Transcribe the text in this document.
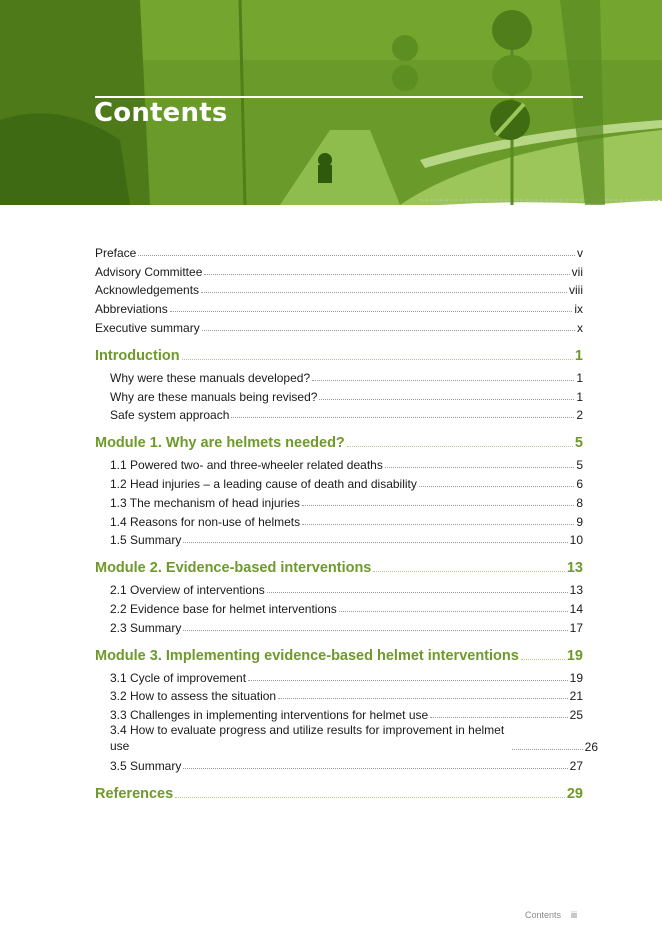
Contents
Preface	v
Advisory Committee	vii
Acknowledgements	viii
Abbreviations	ix
Executive summary	x
Introduction	1
Why were these manuals developed?	1
Why are these manuals being revised?	1
Safe system approach	2
Module 1. Why are helmets needed?	5
1.1 Powered two- and three-wheeler related deaths	5
1.2 Head injuries – a leading cause of death and disability	6
1.3 The mechanism of head injuries	8
1.4 Reasons for non-use of helmets	9
1.5 Summary	10
Module 2. Evidence-based interventions	13
2.1 Overview of interventions	13
2.2 Evidence base for helmet interventions	14
2.3 Summary	17
Module 3. Implementing evidence-based helmet interventions	19
3.1 Cycle of improvement	19
3.2 How to assess the situation	21
3.3 Challenges in implementing interventions for helmet use	25
3.4 How to evaluate progress and utilize results for improvement in helmet use	26
3.5 Summary	27
References	29
Contents iii
